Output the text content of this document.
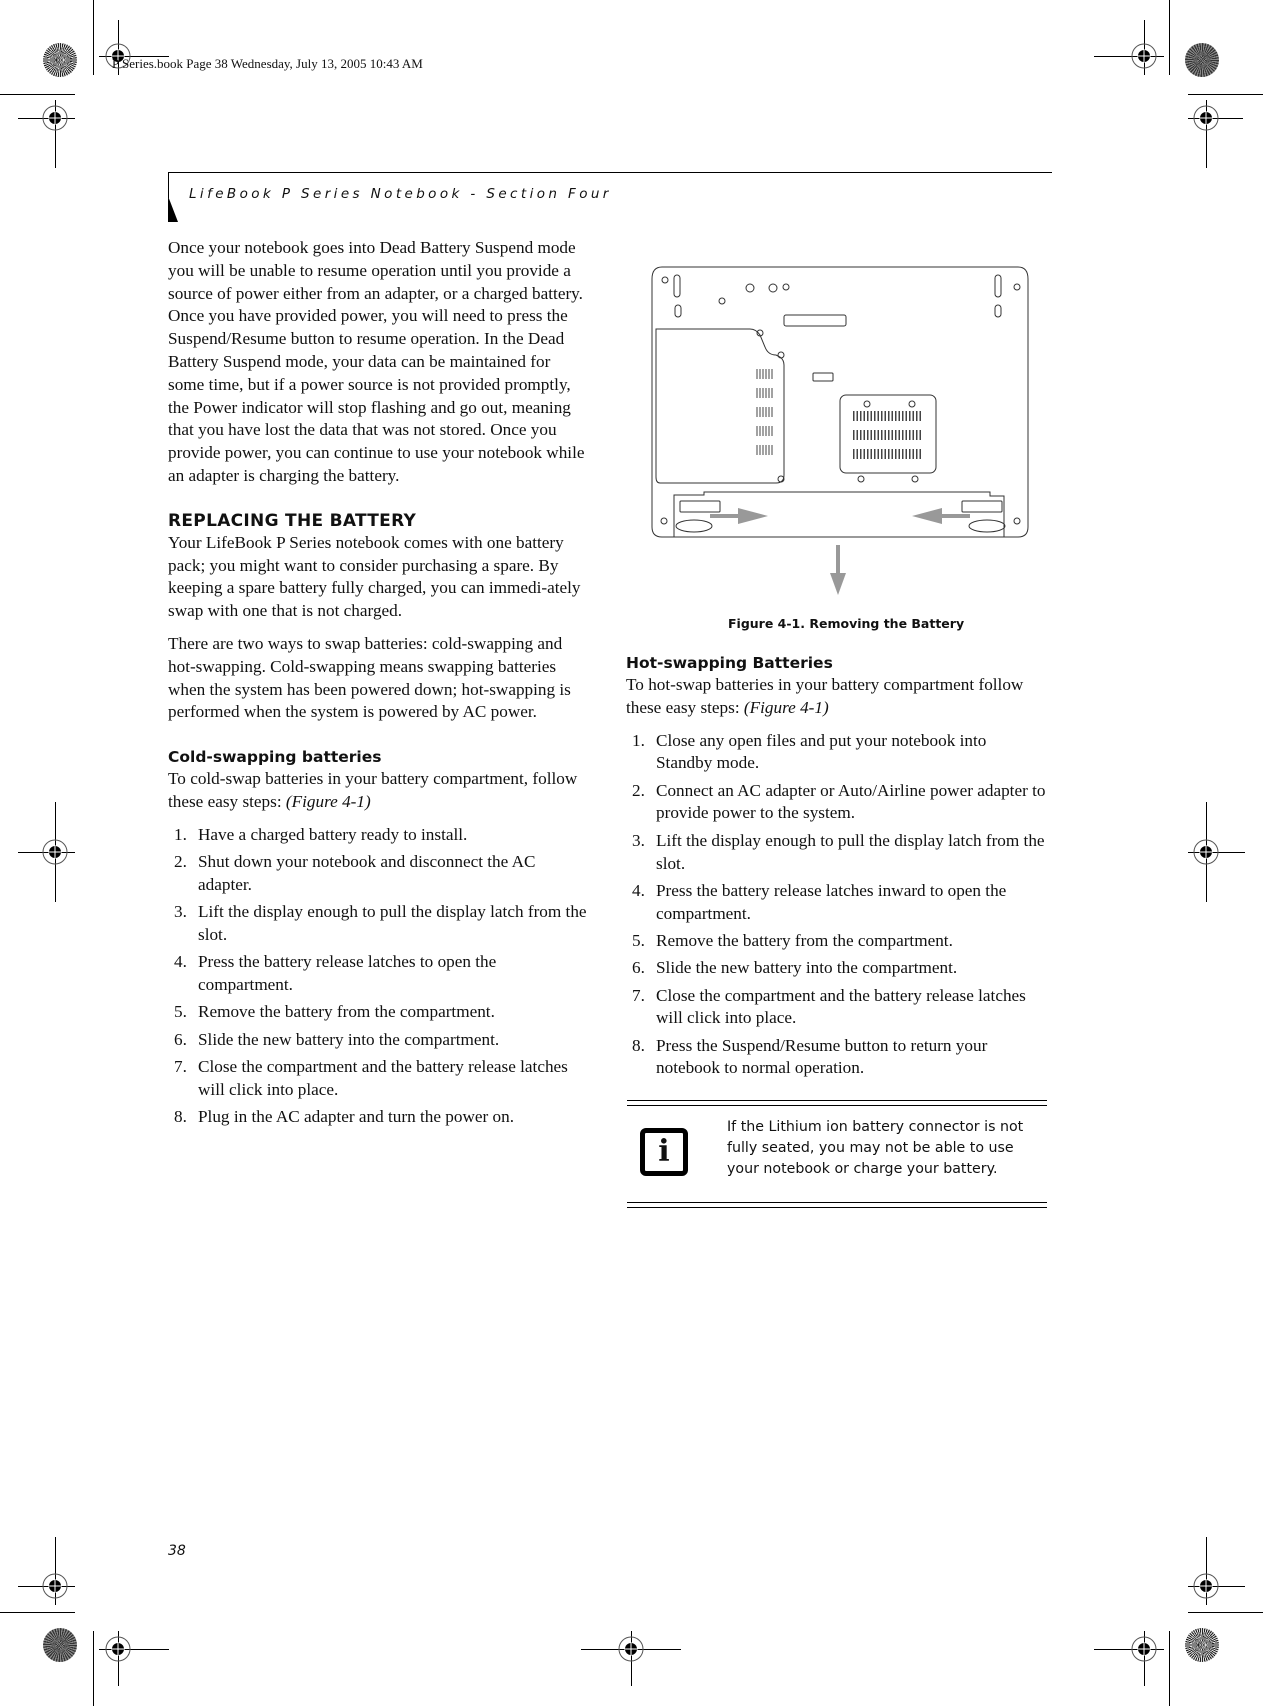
P Series.book Page 38 Wednesday, July 13, 2005 10:43 AM
LifeBook P Series Notebook - Section Four

Once your notebook goes into Dead Battery Suspend mode you will be unable to resume operation until you provide a source of power either from an adapter, or a charged battery. Once you have provided power, you will need to press the Suspend/Resume button to resume operation. In the Dead Battery Suspend mode, your data can be maintained for some time, but if a power source is not provided promptly, the Power indicator will stop flashing and go out, meaning that you have lost the data that was not stored. Once you provide power, you can continue to use your notebook while an adapter is charging the battery.

REPLACING THE BATTERY

Your LifeBook P Series notebook comes with one battery pack; you might want to consider purchasing a spare. By keeping a spare battery fully charged, you can immedi-ately swap with one that is not charged.

There are two ways to swap batteries: cold-swapping and hot-swapping. Cold-swapping means swapping batteries when the system has been powered down; hot-swapping is performed when the system is powered by AC power.

Cold-swapping batteries

To cold-swap batteries in your battery compartment, follow these easy steps: (Figure 4-1)

1. Have a charged battery ready to install.
2. Shut down your notebook and disconnect the AC adapter.
3. Lift the display enough to pull the display latch from the slot.
4. Press the battery release latches to open the compartment.
5. Remove the battery from the compartment.
6. Slide the new battery into the compartment.
7. Close the compartment and the battery release latches will click into place.
8. Plug in the AC adapter and turn the power on.
Figure 4-1. Removing the Battery
Hot-swapping Batteries

To hot-swap batteries in your battery compartment follow these easy steps: (Figure 4-1)

1. Close any open files and put your notebook into Standby mode.
2. Connect an AC adapter or Auto/Airline power adapter to provide power to the system.
3. Lift the display enough to pull the display latch from the slot.
4. Press the battery release latches inward to open the compartment.
5. Remove the battery from the compartment.
6. Slide the new battery into the compartment.
7. Close the compartment and the battery release latches will click into place.
8. Press the Suspend/Resume button to return your notebook to normal operation.
i
If the Lithium ion battery connector is not fully seated, you may not be able to use your notebook or charge your battery.
38
